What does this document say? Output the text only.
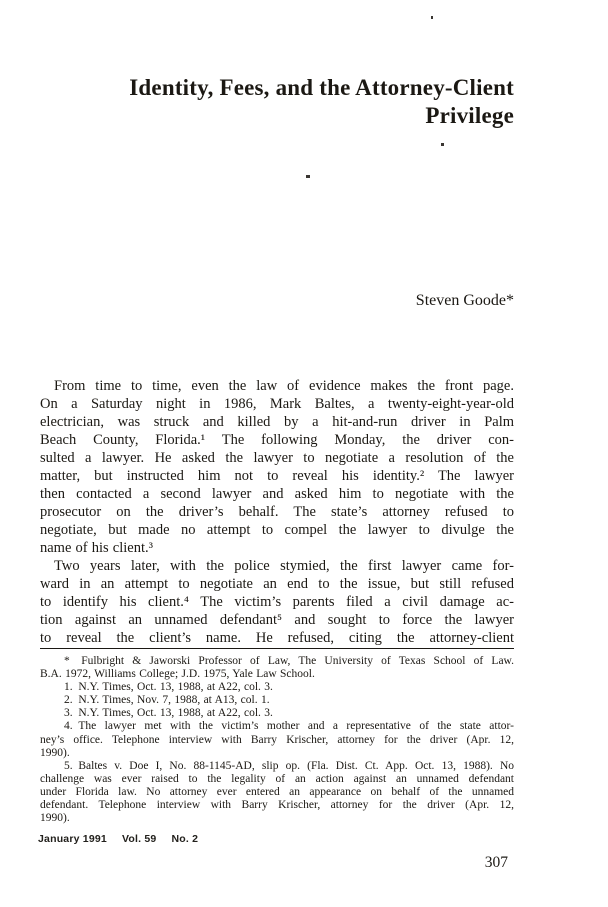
Identity, Fees, and the Attorney-Client
Privilege
Steven Goode*
From time to time, even the law of evidence makes the front page.
On a Saturday night in 1986, Mark Baltes, a twenty-eight-year-old
electrician, was struck and killed by a hit-and-run driver in Palm
Beach County, Florida.¹ The following Monday, the driver con-
sulted a lawyer. He asked the lawyer to negotiate a resolution of the
matter, but instructed him not to reveal his identity.² The lawyer
then contacted a second lawyer and asked him to negotiate with the
prosecutor on the driver’s behalf. The state’s attorney refused to
negotiate, but made no attempt to compel the lawyer to divulge the
name of his client.³
Two years later, with the police stymied, the first lawyer came for-
ward in an attempt to negotiate an end to the issue, but still refused
to identify his client.⁴ The victim’s parents filed a civil damage ac-
tion against an unnamed defendant⁵ and sought to force the lawyer
to reveal the client’s name. He refused, citing the attorney-client
* Fulbright & Jaworski Professor of Law, The University of Texas School of Law.
B.A. 1972, Williams College; J.D. 1975, Yale Law School.
1. N.Y. Times, Oct. 13, 1988, at A22, col. 3.
2. N.Y. Times, Nov. 7, 1988, at A13, col. 1.
3. N.Y. Times, Oct. 13, 1988, at A22, col. 3.
4. The lawyer met with the victim’s mother and a representative of the state attor-
ney’s office. Telephone interview with Barry Krischer, attorney for the driver (Apr. 12,
1990).
5. Baltes v. Doe I, No. 88-1145-AD, slip op. (Fla. Dist. Ct. App. Oct. 13, 1988). No
challenge was ever raised to the legality of an action against an unnamed defendant
under Florida law. No attorney ever entered an appearance on behalf of the unnamed
defendant. Telephone interview with Barry Krischer, attorney for the driver (Apr. 12,
1990).
January 1991 Vol. 59 No. 2
307
